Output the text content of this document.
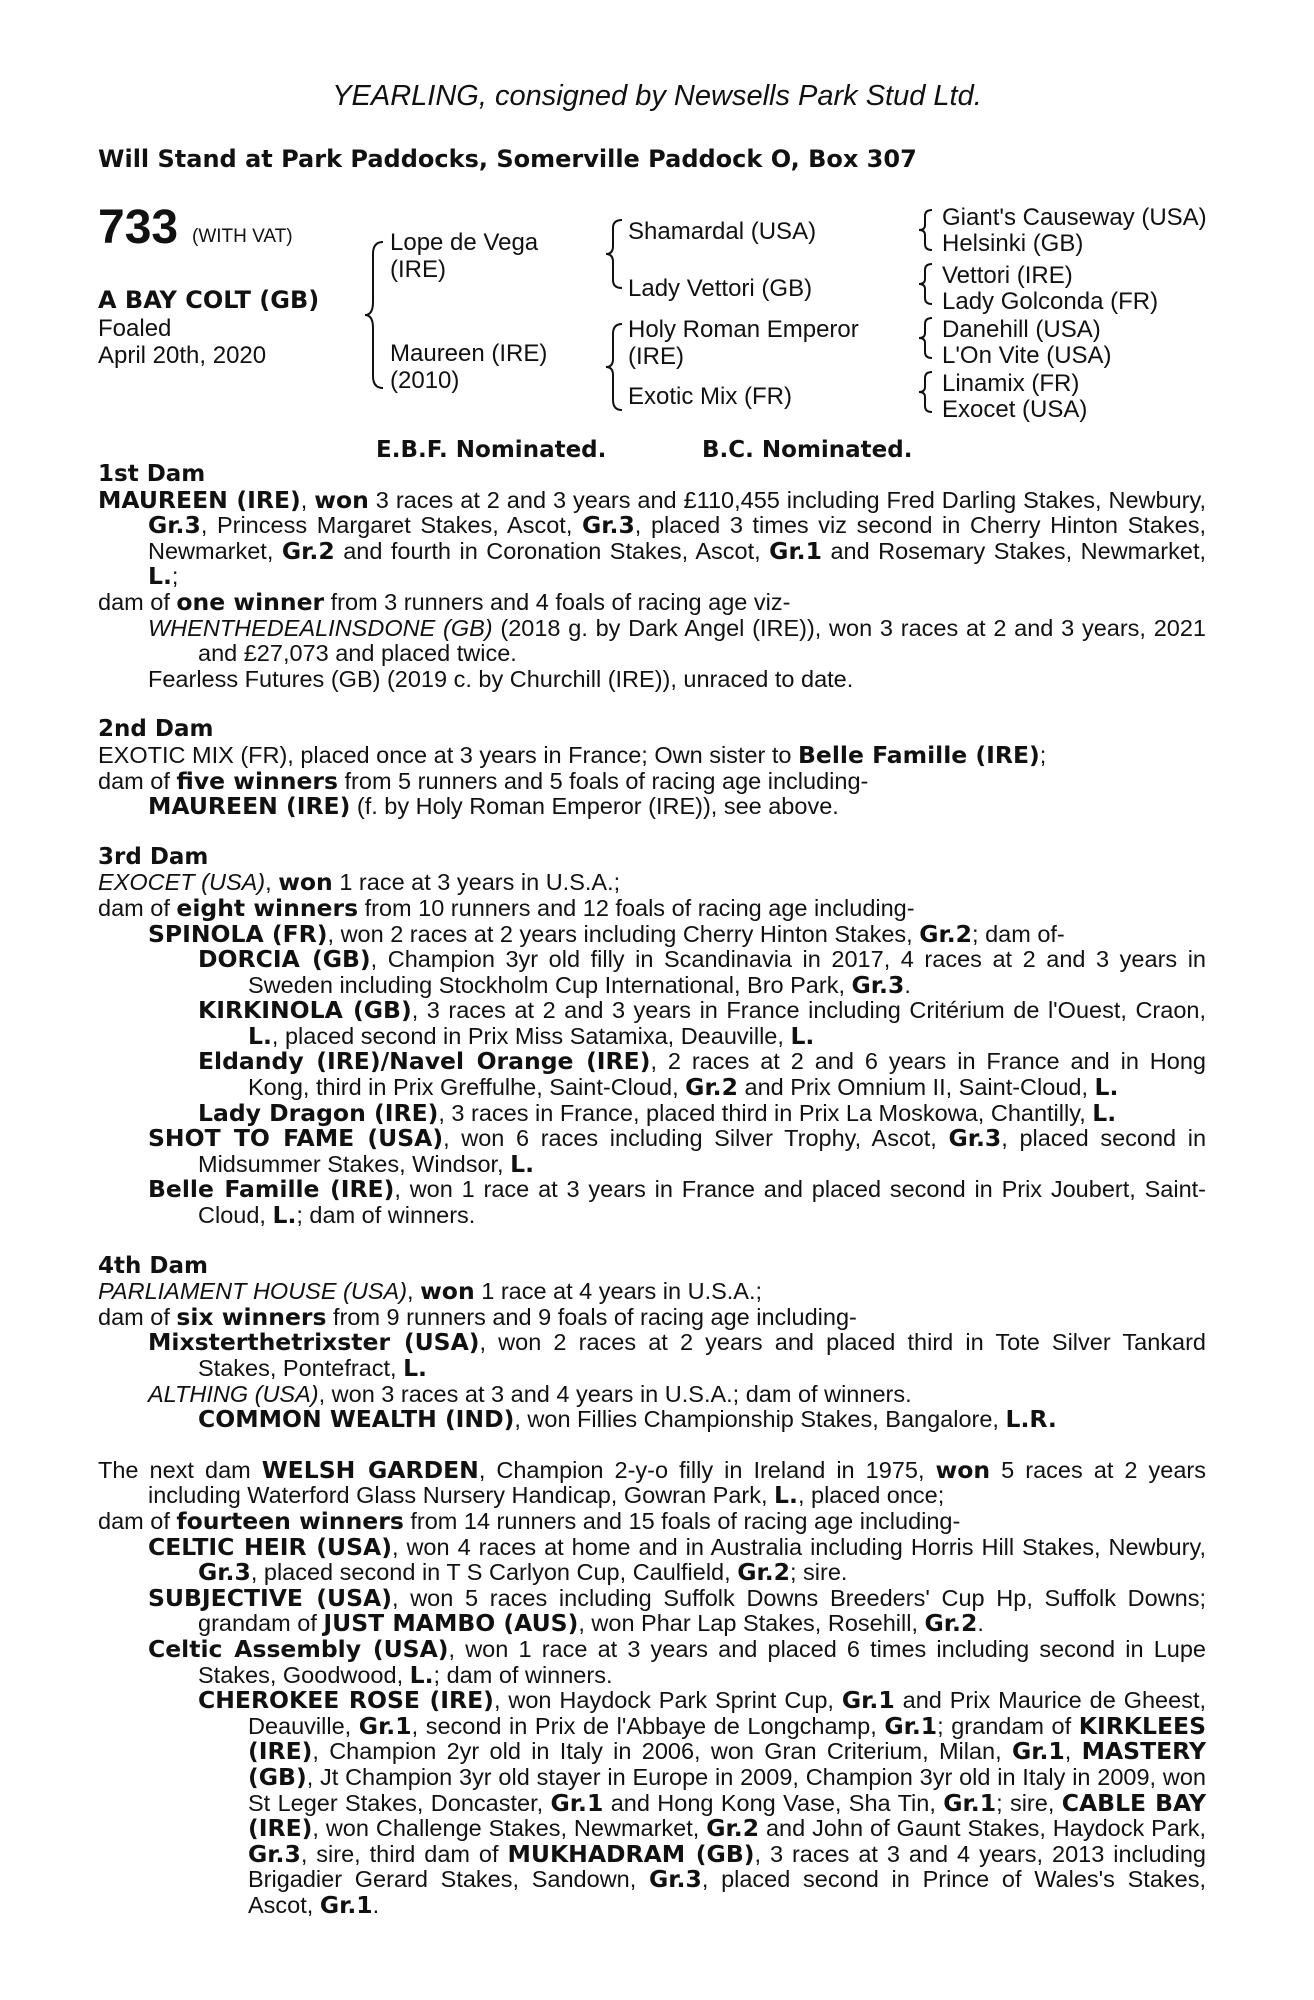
YEARLING, consigned by Newsells Park Stud Ltd.
Will Stand at Park Paddocks, Somerville Paddock O, Box 307
733 (WITH VAT)
A BAY COLT (GB)
Foaled
April 20th, 2020
Lope de Vega
(IRE)
Maureen (IRE)
(2010)
Shamardal (USA)
Lady Vettori (GB)
Holy Roman Emperor
(IRE)
Exotic Mix (FR)
Giant's Causeway (USA)
Helsinki (GB)
Vettori (IRE)
Lady Golconda (FR)
Danehill (USA)
L'On Vite (USA)
Linamix (FR)
Exocet (USA)
E.B.F. Nominated.	B.C. Nominated.
1st Dam
MAUREEN (IRE), won 3 races at 2 and 3 years and £110,455 including Fred Darling Stakes, Newbury, Gr.3, Princess Margaret Stakes, Ascot, Gr.3, placed 3 times viz second in Cherry Hinton Stakes, Newmarket, Gr.2 and fourth in Coronation Stakes, Ascot, Gr.1 and Rosemary Stakes, Newmarket, L.;
dam of one winner from 3 runners and 4 foals of racing age viz-
WHENTHEDEALINSDONE (GB) (2018 g. by Dark Angel (IRE)), won 3 races at 2 and 3 years, 2021 and £27,073 and placed twice.
Fearless Futures (GB) (2019 c. by Churchill (IRE)), unraced to date.
2nd Dam
EXOTIC MIX (FR), placed once at 3 years in France; Own sister to Belle Famille (IRE);
dam of five winners from 5 runners and 5 foals of racing age including-
MAUREEN (IRE) (f. by Holy Roman Emperor (IRE)), see above.
3rd Dam
EXOCET (USA), won 1 race at 3 years in U.S.A.;
dam of eight winners from 10 runners and 12 foals of racing age including-
SPINOLA (FR), won 2 races at 2 years including Cherry Hinton Stakes, Gr.2; dam of-
DORCIA (GB), Champion 3yr old filly in Scandinavia in 2017, 4 races at 2 and 3 years in Sweden including Stockholm Cup International, Bro Park, Gr.3.
KIRKINOLA (GB), 3 races at 2 and 3 years in France including Critérium de l'Ouest, Craon, L., placed second in Prix Miss Satamixa, Deauville, L.
Eldandy (IRE)/Navel Orange (IRE), 2 races at 2 and 6 years in France and in Hong Kong, third in Prix Greffulhe, Saint-Cloud, Gr.2 and Prix Omnium II, Saint-Cloud, L.
Lady Dragon (IRE), 3 races in France, placed third in Prix La Moskowa, Chantilly, L.
SHOT TO FAME (USA), won 6 races including Silver Trophy, Ascot, Gr.3, placed second in Midsummer Stakes, Windsor, L.
Belle Famille (IRE), won 1 race at 3 years in France and placed second in Prix Joubert, Saint-Cloud, L.; dam of winners.
4th Dam
PARLIAMENT HOUSE (USA), won 1 race at 4 years in U.S.A.;
dam of six winners from 9 runners and 9 foals of racing age including-
Mixsterthetrixster (USA), won 2 races at 2 years and placed third in Tote Silver Tankard Stakes, Pontefract, L.
ALTHING (USA), won 3 races at 3 and 4 years in U.S.A.; dam of winners.
COMMON WEALTH (IND), won Fillies Championship Stakes, Bangalore, L.R.
The next dam WELSH GARDEN, Champion 2-y-o filly in Ireland in 1975, won 5 races at 2 years including Waterford Glass Nursery Handicap, Gowran Park, L., placed once;
dam of fourteen winners from 14 runners and 15 foals of racing age including-
CELTIC HEIR (USA), won 4 races at home and in Australia including Horris Hill Stakes, Newbury, Gr.3, placed second in T S Carlyon Cup, Caulfield, Gr.2; sire.
SUBJECTIVE (USA), won 5 races including Suffolk Downs Breeders' Cup Hp, Suffolk Downs; grandam of JUST MAMBO (AUS), won Phar Lap Stakes, Rosehill, Gr.2.
Celtic Assembly (USA), won 1 race at 3 years and placed 6 times including second in Lupe Stakes, Goodwood, L.; dam of winners.
CHEROKEE ROSE (IRE), won Haydock Park Sprint Cup, Gr.1 and Prix Maurice de Gheest, Deauville, Gr.1, second in Prix de l'Abbaye de Longchamp, Gr.1; grandam of KIRKLEES (IRE), Champion 2yr old in Italy in 2006, won Gran Criterium, Milan, Gr.1, MASTERY (GB), Jt Champion 3yr old stayer in Europe in 2009, Champion 3yr old in Italy in 2009, won St Leger Stakes, Doncaster, Gr.1 and Hong Kong Vase, Sha Tin, Gr.1; sire, CABLE BAY (IRE), won Challenge Stakes, Newmarket, Gr.2 and John of Gaunt Stakes, Haydock Park, Gr.3, sire, third dam of MUKHADRAM (GB), 3 races at 3 and 4 years, 2013 including Brigadier Gerard Stakes, Sandown, Gr.3, placed second in Prince of Wales's Stakes, Ascot, Gr.1.
